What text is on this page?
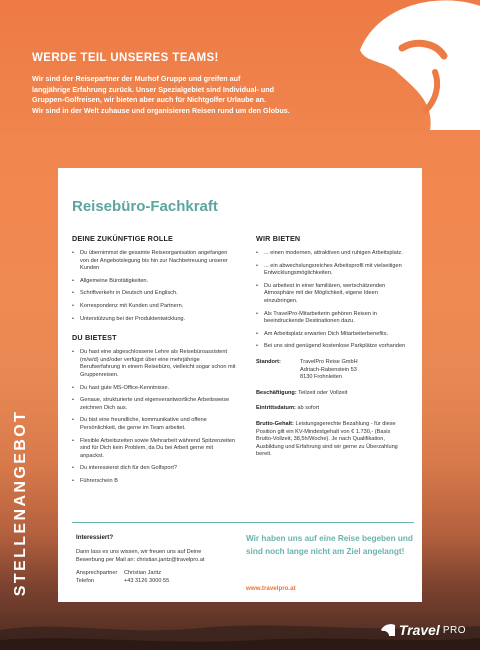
WERDE TEIL UNSERES TEAMS!

Wir sind der Reisepartner der Murhof Gruppe und greifen auf

langjährige Erfahrung zurück. Unser Spezialgebiet sind Individual- und

Gruppen-Golfreisen, wir bieten aber auch für Nichtgolfer Urlaube an.

Wir sind in der Welt zuhause und organisieren Reisen rund um den Globus.

STELLENANGEBOT
Reisebüro-Fachkraft
DEINE ZUKÜNFTIGE ROLLE
• Du übernimmst die gesamte Reiseorganisation angefangen von der Angebotslegung bis hin zur Nachbetreuung unserer Kunden
• Allgemeine Bürotätigkeiten.
• Schriftverkehr in Deutsch und Englisch.
• Korrespondenz mit Kunden und Partnern.
• Unterstützung bei der Produktentwicklung.
DU BIETEST
• Du hast eine abgeschlossene Lehre als Reisebüroassistent (m/w/d) und/oder verfügst über eine mehrjährige Berufserfahrung in einem Reisebüro, vielleicht sogar schon mit Gruppenreisen.
• Du hast gute MS-Office-Kenntnisse.
• Genaue, strukturierte und eigenverantwortliche Arbeitsweise zeichnen Dich aus.
• Du bist eine freundliche, kommunikative und offene Persönlichkeit, die gerne im Team arbeitet.
• Flexible Arbeitszeiten sowie Mehrarbeit während Spitzenzeiten sind für Dich kein Problem, da Du bei Arbeit gerne mit anpackst.
• Du interessierst dich für den Golfsport?
• Führerschein B
WIR BIETEN
• ... einen modernen, attraktiven und ruhigen Arbeitsplatz.
• ... ein abwechslungsreiches Arbeitsprofil mit vielseitigen Entwicklungsmöglichkeiten.
• Du arbeitest in einer familiären, wertschätzenden Atmosphäre mit der Möglichkeit, eigene Ideen einzubringen.
• Als TravelPro-Mitarbeiterin gehören Reisen in beeindruckende Destinationen dazu.
• Am Arbeitsplatz erwarten Dich Mitarbeiterbenefits.
• Bei uns sind genügend kostenlose Parkplätze vorhanden
Standort:	TravelPro Reise GmbH
Adriach-Rabenstein 53
8130 Frohnleiten
Beschäftigung: Teilzeit oder Vollzeit
Eintrittsdatum: ab sofort
Brutto-Gehalt: Leistungsgerechte Bezahlung - für diese Position gilt ein KV-Mindestgehalt von € 1.730,- (Basis Brutto-Vollzeit, 38,5h/Woche). Je nach Qualifikation, Ausbildung und Erfahrung sind wir gerne zu Überzahlung bereit.
Interessiert?

Dann lass es uns wissen, wir freuen uns auf Deine Bewerbung per Mail an: christian.jaritz@travelpro.at

Ansprechpartner	Christian Jaritz
Telefon	+43 3126 3000 55
Wir haben uns auf eine Reise begeben und sind noch lange nicht am Ziel angelangt!
www.travelpro.at
Travel PRO
